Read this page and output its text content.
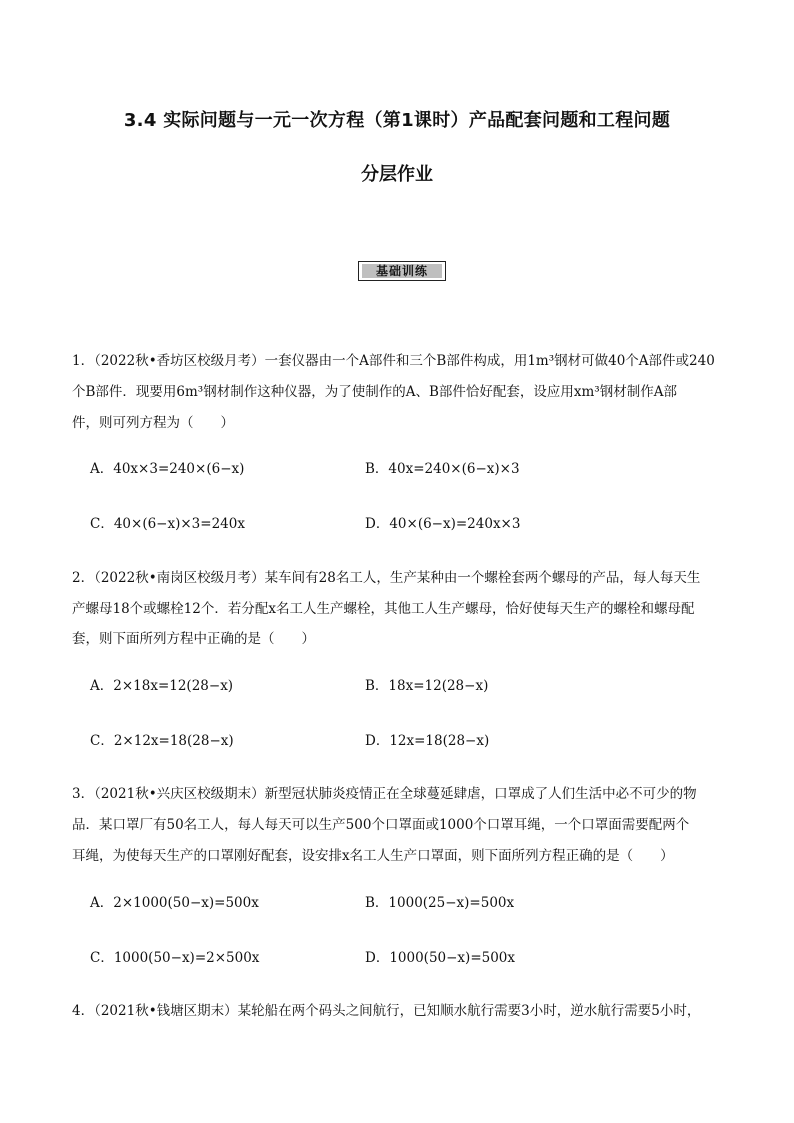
3.4 实际问题与一元一次方程（第1课时）产品配套问题和工程问题
分层作业
基础训练
1．（2022秋•香坊区校级月考）一套仪器由一个A部件和三个B部件构成，用1m³钢材可做40个A部件或240
个B部件．现要用6m³钢材制作这种仪器，为了使制作的A、B部件恰好配套，设应用xm³钢材制作A部
件，则可列方程为（　　）
A．40x×3=240×(6−x)	B．40x=240×(6−x)×3
C．40×(6−x)×3=240x	D．40×(6−x)=240x×3
2．（2022秋•南岗区校级月考）某车间有28名工人，生产某种由一个螺栓套两个螺母的产品，每人每天生
产螺母18个或螺栓12个．若分配x名工人生产螺栓，其他工人生产螺母，恰好使每天生产的螺栓和螺母配
套，则下面所列方程中正确的是（　　）
A．2×18x=12(28−x)	B．18x=12(28−x)
C．2×12x=18(28−x)	D．12x=18(28−x)
3．（2021秋•兴庆区校级期末）新型冠状肺炎疫情正在全球蔓延肆虐，口罩成了人们生活中必不可少的物
品．某口罩厂有50名工人，每人每天可以生产500个口罩面或1000个口罩耳绳，一个口罩面需要配两个
耳绳，为使每天生产的口罩刚好配套，设安排x名工人生产口罩面，则下面所列方程正确的是（　　）
A．2×1000(50−x)=500x	B．1000(25−x)=500x
C．1000(50−x)=2×500x	D．1000(50−x)=500x
4．（2021秋•钱塘区期末）某轮船在两个码头之间航行，已知顺水航行需要3小时，逆水航行需要5小时，
